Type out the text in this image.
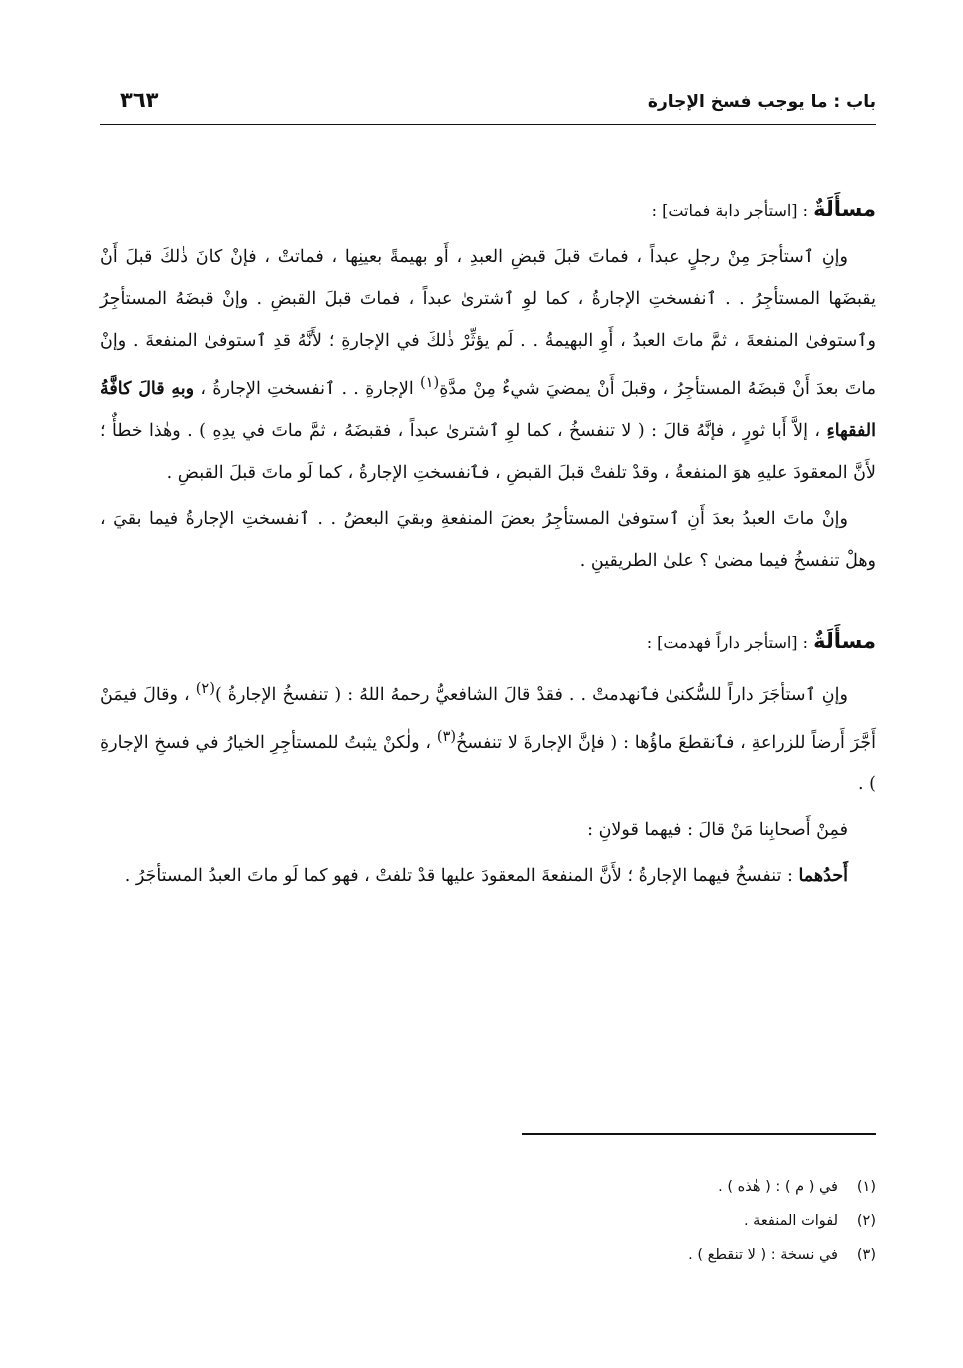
باب : ما يوجب فسخ الإجارة
٣٦٣
مسأَلَةٌ : [استأجر دابة فماتت] :

وإنِ ٱستأجرَ مِنْ رجلٍ عبداً ، فماتَ قبلَ قبضِ العبدِ ، أَو بهيمةً بعينِها ، فماتتْ ، فإنْ كانَ ذٰلكَ قبلَ أَنْ يقبضَها المستأجِرُ . . ٱنفسختِ الإجارةُ ، كما لوِ ٱشترىٰ عبداً ، فماتَ قبلَ القبضِ . وإنْ قبضَهُ المستأجِرُ وٱستوفىٰ المنفعةَ ، ثمَّ ماتَ العبدُ ، أَوِ البهيمةُ . . لَم يؤثِّرْ ذٰلكَ في الإجارةِ ؛ لأَنَّهُ قدِ ٱستوفىٰ المنفعةَ . وإنْ ماتَ بعدَ أَنْ قبضَهُ المستأجِرُ ، وقبلَ أَنْ يمضيَ شيءٌ مِنْ مدَّةِ$^{(١)}$ الإجارةِ . . ٱنفسختِ الإجارةُ ، وبهِ قالَ كافَّةُ الفقهاءِ ، إلاَّ أَبا ثورٍ ، فإنَّهُ قالَ : ( لا تنفسخُ ، كما لوِ ٱشترىٰ عبداً ، فقبضَهُ ، ثمَّ ماتَ في يدِهِ ) . وهٰذا خطأٌ ؛ لأَنَّ المعقودَ عليهِ هوَ المنفعةُ ، وقدْ تلفتْ قبلَ القبضِ ، فٱنفسختِ الإجارةُ ، كما لَو ماتَ قبلَ القبضِ .

وإنْ ماتَ العبدُ بعدَ أَنِ ٱستوفىٰ المستأجِرُ بعضَ المنفعةِ وبقيَ البعضُ . . ٱنفسختِ الإجارةُ فيما بقيَ ، وهلْ تنفسخُ فيما مضىٰ ؟ علىٰ الطريقينِ .

مسأَلَةٌ : [استأجر داراً فهدمت] :

وإنِ ٱستأجَرَ داراً للسُّكنىٰ فٱنهدمتْ . . فقدْ قالَ الشافعيُّ رحمهُ اللهُ : ( تنفسخُ الإجارةُ )$^{(٢)}$ ، وقالَ فيمَنْ أَجَّرَ أَرضاً للزراعةِ ، فٱنقطعَ ماؤُها : ( فإنَّ الإجارةَ لا تنفسخُ$^{(٣)}$ ، ولٰكنْ يثبتُ للمستأجِرِ الخيارُ في فسخِ الإجارةِ ) .

فمِنْ أَصحابِنا مَنْ قالَ : فيهما قولانِ :

أَحدُهما : تنفسخُ فيهما الإجارةُ ؛ لأَنَّ المنفعةَ المعقودَ عليها قدْ تلفتْ ، فهو كما لَو ماتَ العبدُ المستأجَرُ .

(١)في ( م ) : ( هٰذه ) .
(٢)لفوات المنفعة .
(٣)في نسخة : ( لا تنقطع ) .
